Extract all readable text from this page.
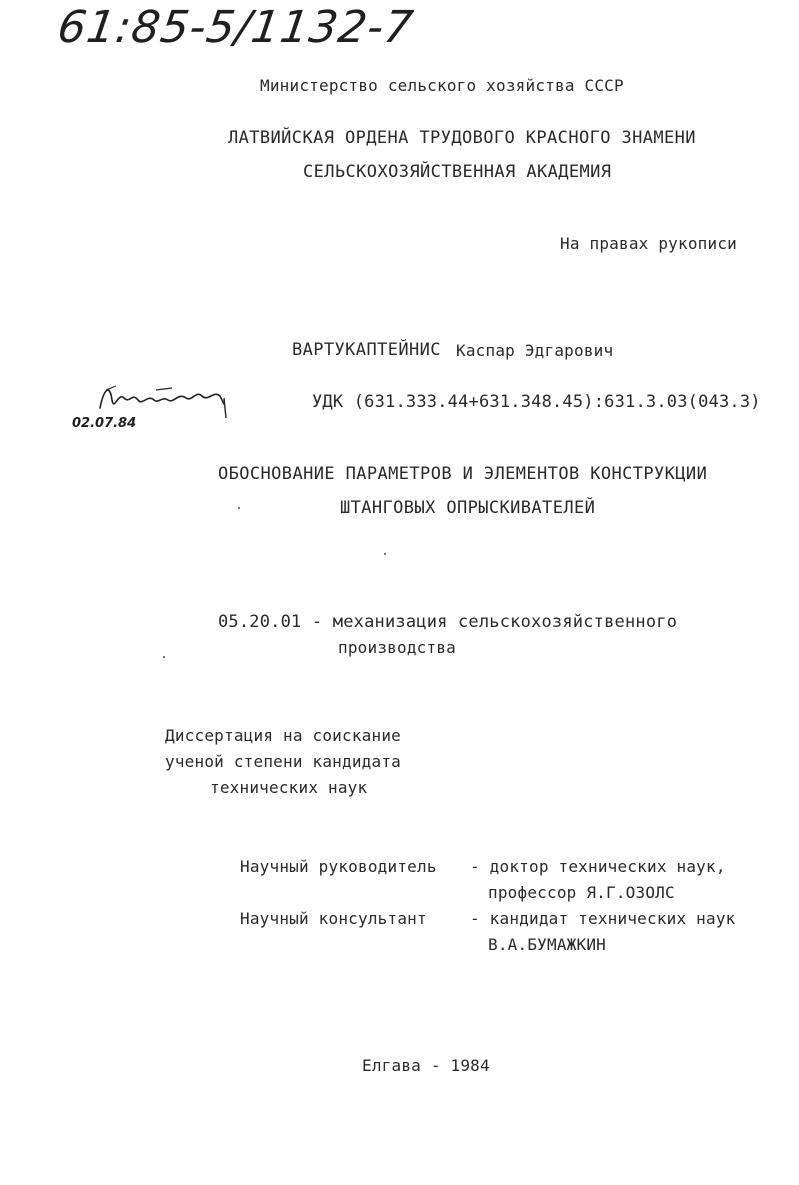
61:85-5/1132-7
Министерство сельского хозяйства СССР
ЛАТВИЙСКАЯ ОРДЕНА ТРУДОВОГО КРАСНОГО ЗНАМЕНИ
СЕЛЬСКОХОЗЯЙСТВЕННАЯ АКАДЕМИЯ
На правах рукописи
ВАРТУКАПТЕЙНИС Каспар Эдгарович
02.07.84
УДК (631.333.44+631.348.45):631.3.03(043.3)
ОБОСНОВАНИЕ ПАРАМЕТРОВ И ЭЛЕМЕНТОВ КОНСТРУКЦИИ
ШТАНГОВЫХ ОПРЫСКИВАТЕЛЕЙ
05.20.01 - механизация сельскохозяйственного
производства
Диссертация на соискание
ученой степени кандидата
технических наук
Научный руководитель - доктор технических наук,
профессор Я.Г.ОЗОЛС
Научный консультант	- кандидат технических наук
В.А.БУМАЖКИН
Елгава - 1984
